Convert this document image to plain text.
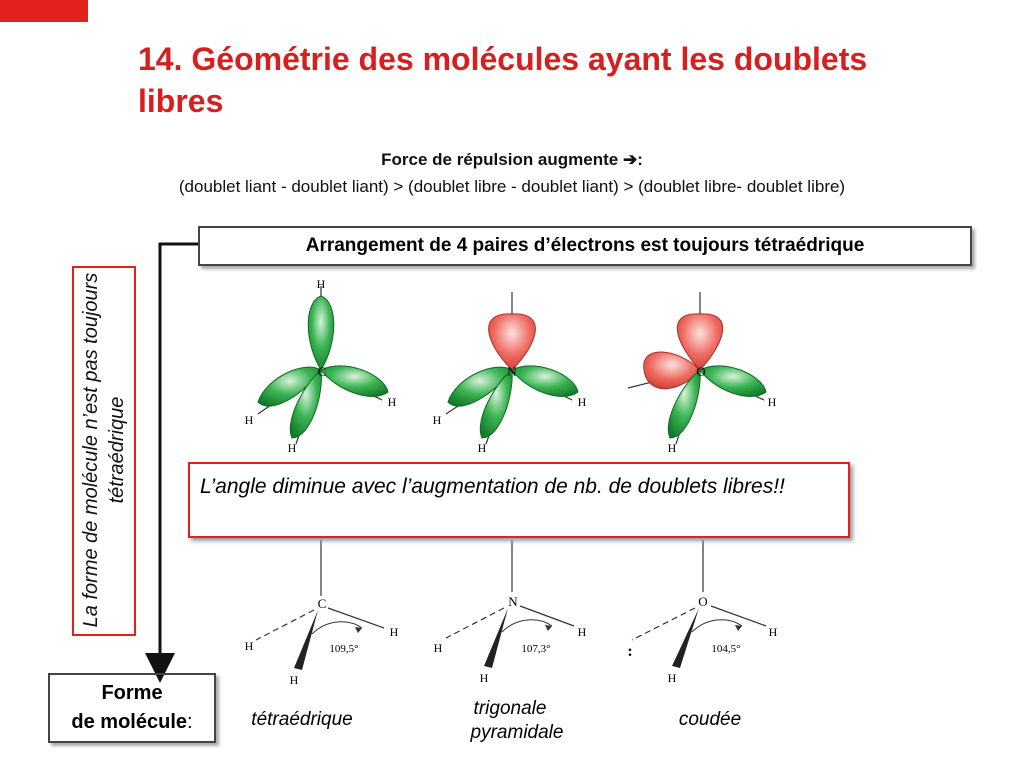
14. Géométrie des molécules ayant les doublets libres
Force de répulsion augmente ➔:
(doublet liant - doublet liant) > (doublet libre - doublet liant) > (doublet libre- doublet libre)
Arrangement de 4 paires d’électrons est toujours tétraédrique
La forme de molécule n’est pas toujours tétraédrique
H
C
H
H
H
N
H
H
H
O
H
H
C
H
H
H
109,5°
N
H
H
H
107,3°
O
H
:
H
104,5°
L’angle diminue avec l’augmentation de nb. de doublets libres!!
Forme
de molécule:	tétraédrique
trigonale
pyramidale
coudée
